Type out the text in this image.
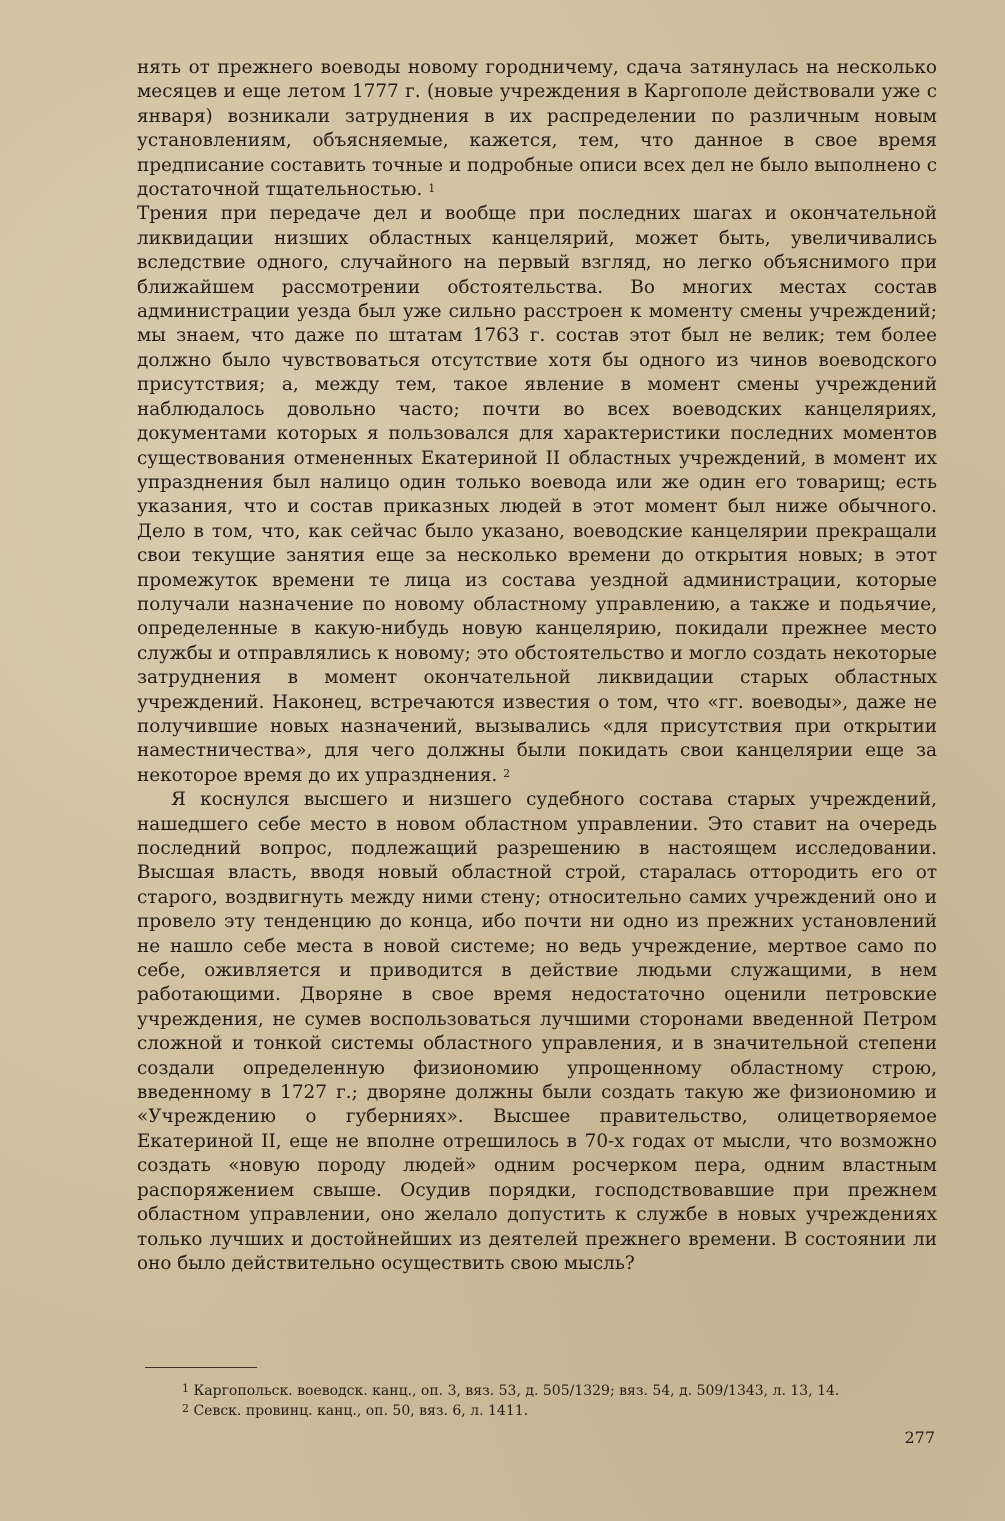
нять от прежнего воеводы новому городничему, сдача затянулась на несколько месяцев и еще летом 1777 г. (новые учреждения в Каргополе действовали уже с января) возникали затруднения в их распределении по различным новым установлениям, объясняемые, кажется, тем, что данное в свое время предписание составить точные и подробные описи всех дел не было выполнено с достаточной тщательностью. $^1$

Трения при передаче дел и вообще при последних шагах и окончательной ликвидации низших областных канцелярий, может быть, увеличивались вследствие одного, случайного на первый взгляд, но легко объяснимого при ближайшем рассмотрении обстоятельства. Во многих местах состав администрации уезда был уже сильно расстроен к моменту смены учреждений; мы знаем, что даже по штатам 1763 г. состав этот был не велик; тем более должно было чувствоваться отсутствие хотя бы одного из чинов воеводского присутствия; а, между тем, такое явление в момент смены учреждений наблюдалось довольно часто; почти во всех воеводских канцеляриях, документами которых я пользовался для характеристики последних моментов существования отмененных Екатериной II областных учреждений, в момент их упразднения был налицо один только воевода или же один его товарищ; есть указания, что и состав приказных людей в этот момент был ниже обычного. Дело в том, что, как сейчас было указано, воеводские канцелярии прекращали свои текущие занятия еще за несколько времени до открытия новых; в этот промежуток времени те лица из состава уездной администрации, которые получали назначение по новому областному управлению, а также и подьячие, определенные в какую-нибудь новую канцелярию, покидали прежнее место службы и отправлялись к новому; это обстоятельство и могло создать некоторые затруднения в момент окончательной ликвидации старых областных учреждений. Наконец, встречаются известия о том, что «гг. воеводы», даже не получившие новых назначений, вызывались «для присутствия при открытии наместничества», для чего должны были покидать свои канцелярии еще за некоторое время до их упразднения. $^2$

Я коснулся высшего и низшего судебного состава старых учреждений, нашедшего себе место в новом областном управлении. Это ставит на очередь последний вопрос, подлежащий разрешению в настоящем исследовании. Высшая власть, вводя новый областной строй, старалась оттородить его от старого, воздвигнуть между ними стену; относительно самих учреждений оно и провело эту тенденцию до конца, ибо почти ни одно из прежних установлений не нашло себе места в новой системе; но ведь учреждение, мертвое само по себе, оживляется и приводится в действие людьми служащими, в нем работающими. Дворяне в свое время недостаточно оценили петровские учреждения, не сумев воспользоваться лучшими сторонами введенной Петром сложной и тонкой системы областного управления, и в значительной степени создали определенную физиономию упрощенному областному строю, введенному в 1727 г.; дворяне должны были создать такую же физиономию и «Учреждению о губерниях». Высшее правительство, олицетворяемое Екатериной II, еще не вполне отрешилось в 70-х годах от мысли, что возможно создать «новую породу людей» одним росчерком пера, одним властным распоряжением свыше. Осудив порядки, господствовавшие при прежнем областном управлении, оно желало допустить к службе в новых учреждениях только лучших и достойнейших из деятелей прежнего времени. В состоянии ли оно было действительно осуществить свою мысль?

$^1$ Каргопольск. воеводск. канц., оп. 3, вяз. 53, д. 505/1329; вяз. 54, д. 509/1343, л. 13, 14.

$^2$ Севск. провинц. канц., оп. 50, вяз. 6, л. 1411.

277
